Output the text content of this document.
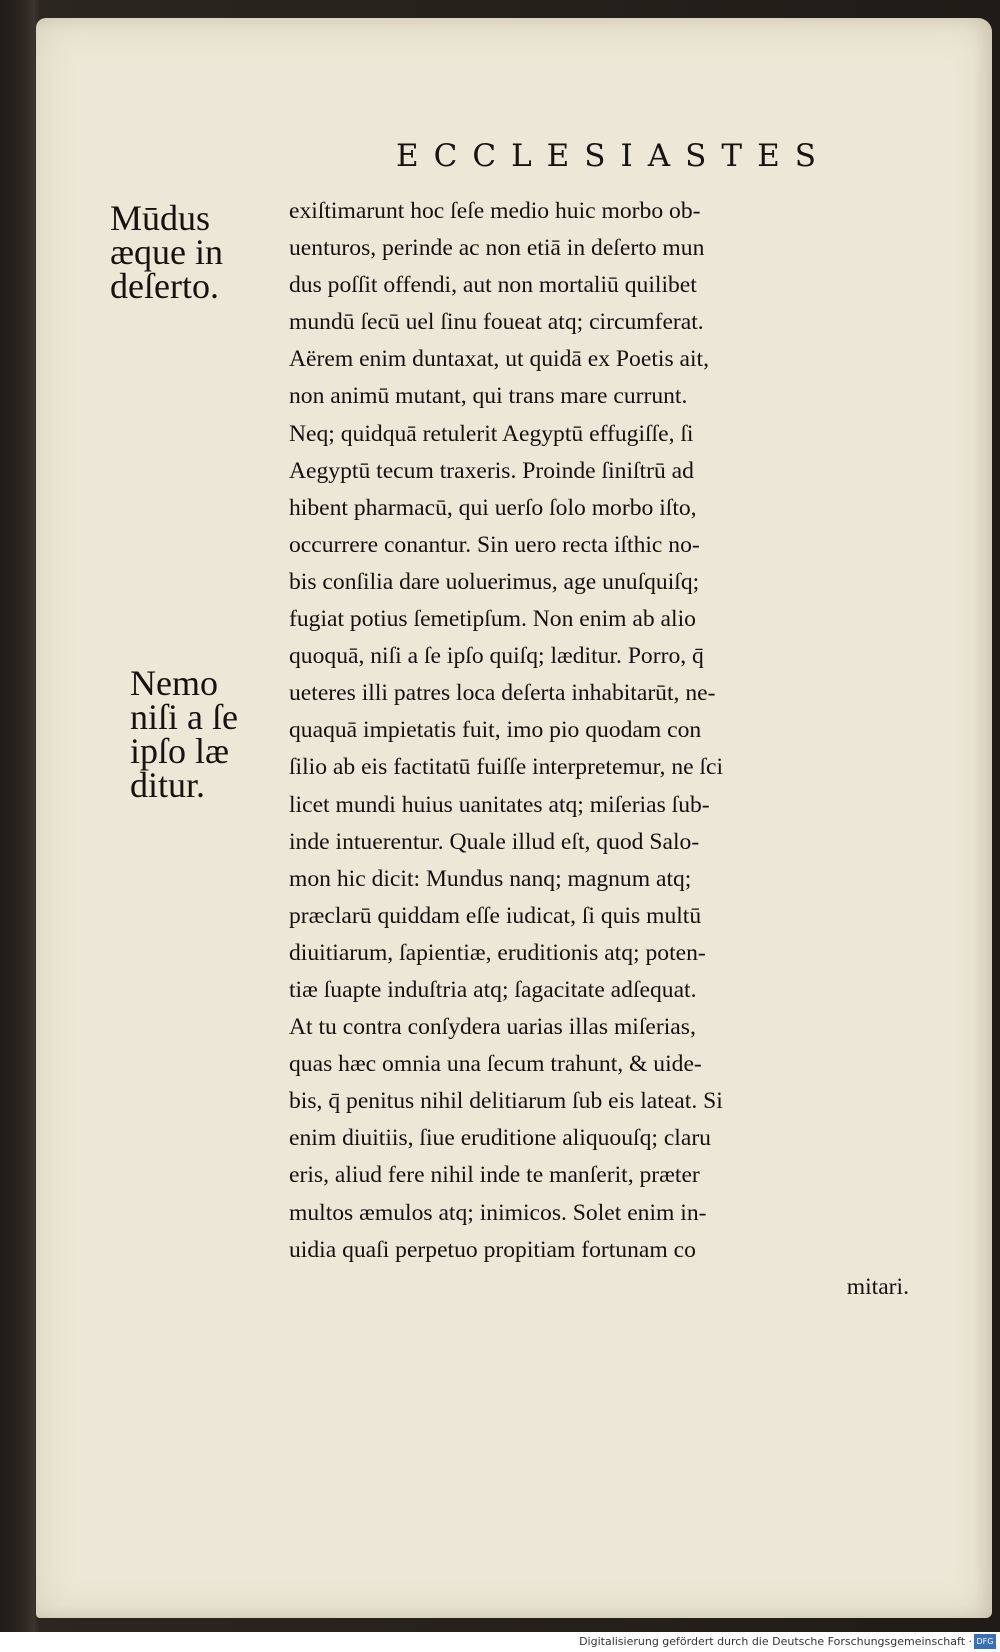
ECCLESIASTES
Mūdus
æque in
deſerto.
Nemo
niſi a ſe
ipſo læ
ditur.
exiſtimarunt hoc ſeſe medio huic morbo ob-
uenturos, perinde ac non etiā in deſerto mun
dus poſſit offendi, aut non mortaliū quilibet
mundū ſecū uel ſinu foueat atq; circumferat.
Aërem enim duntaxat, ut quidā ex Poetis ait,
non animū mutant, qui trans mare currunt.
Neq; quidquā retulerit Aegyptū effugiſſe, ſi
Aegyptū tecum traxeris. Proinde ſiniſtrū ad
hibent pharmacū, qui uerſo ſolo morbo iſto,
occurrere conantur. Sin uero recta iſthic no-
bis conſilia dare uoluerimus, age unuſquiſq;
fugiat potius ſemetipſum. Non enim ab alio
quoquā, niſi a ſe ipſo quiſq; læditur. Porro, q̄
ueteres illi patres loca deſerta inhabitarūt, ne-
quaquā impietatis fuit, imo pio quodam con
ſilio ab eis factitatū fuiſſe interpretemur, ne ſci
licet mundi huius uanitates atq; miſerias ſub-
inde intuerentur. Quale illud eſt, quod Salo-
mon hic dicit: Mundus nanq; magnum atq;
præclarū quiddam eſſe iudicat, ſi quis multū
diuitiarum, ſapientiæ, eruditionis atq; poten-
tiæ ſuapte induſtria atq; ſagacitate adſequat.
At tu contra conſydera uarias illas miſerias,
quas hæc omnia una ſecum trahunt, & uide-
bis, q̄ penitus nihil delitiarum ſub eis lateat. Si
enim diuitiis, ſiue eruditione aliquouſq; claru
eris, aliud fere nihil inde te manſerit, præter
multos æmulos atq; inimicos. Solet enim in-
uidia quaſi perpetuo propitiam fortunam co
mitari.
Digitalisierung gefördert durch die Deutsche Forschungsgemeinschaft · DFG
